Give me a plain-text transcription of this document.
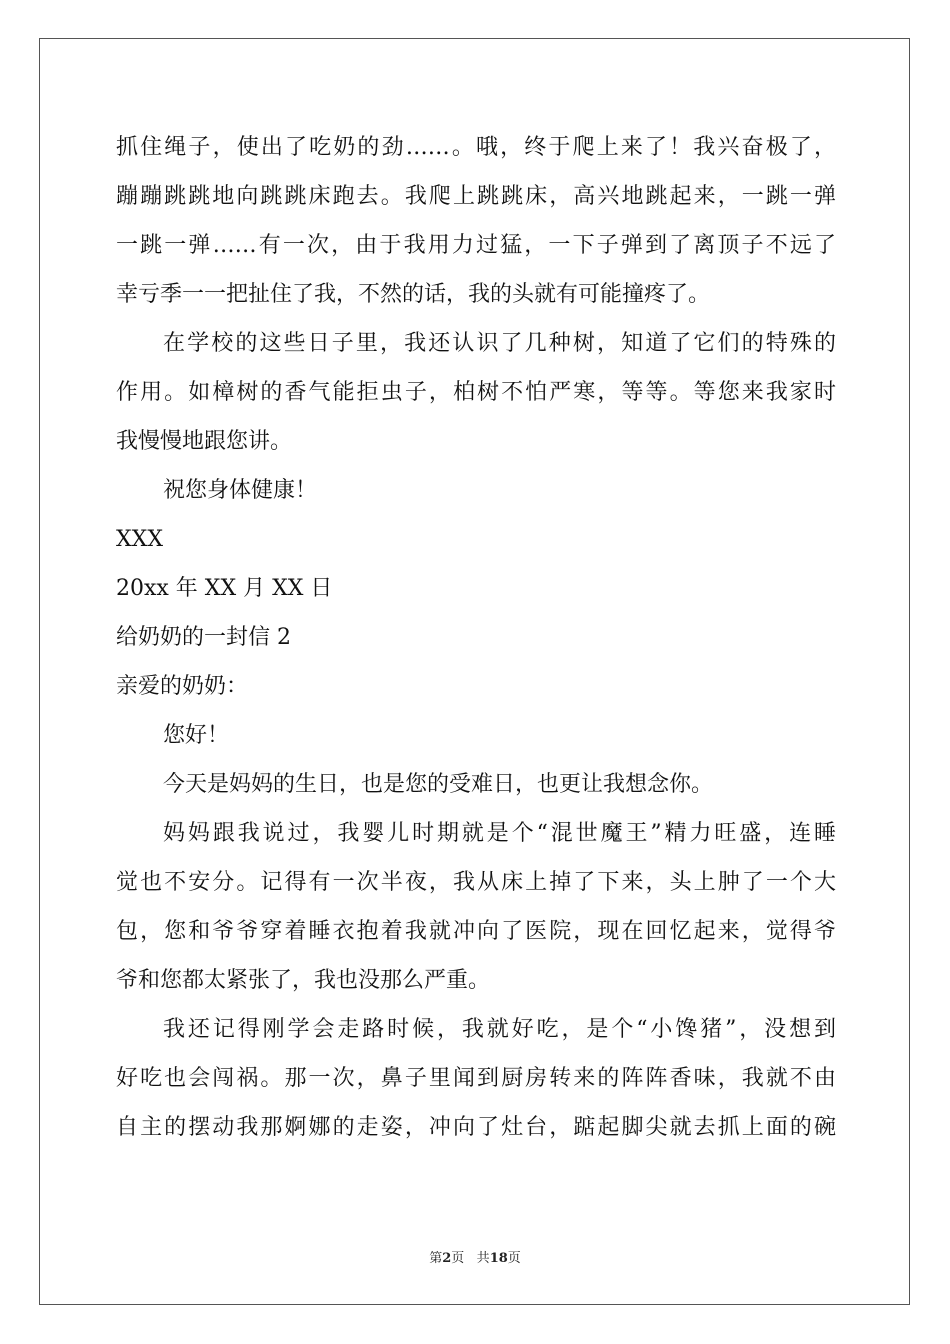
抓住绳子，使出了吃奶的劲……。哦，终于爬上来了！我兴奋极了，
蹦蹦跳跳地向跳跳床跑去。我爬上跳跳床，高兴地跳起来，一跳一弹
一跳一弹……有一次，由于我用力过猛，一下子弹到了离顶子不远了
幸亏季一一把扯住了我，不然的话，我的头就有可能撞疼了。
在学校的这些日子里，我还认识了几种树，知道了它们的特殊的
作用。如樟树的香气能拒虫子，柏树不怕严寒，等等。等您来我家时
我慢慢地跟您讲。
祝您身体健康！
XXX
20xx 年 XX 月 XX 日
给奶奶的一封信 2
亲爱的奶奶：
您好！
今天是妈妈的生日，也是您的受难日，也更让我想念你。
妈妈跟我说过，我婴儿时期就是个“混世魔王”精力旺盛，连睡
觉也不安分。记得有一次半夜，我从床上掉了下来，头上肿了一个大
包，您和爷爷穿着睡衣抱着我就冲向了医院，现在回忆起来，觉得爷
爷和您都太紧张了，我也没那么严重。
我还记得刚学会走路时候，我就好吃，是个“小馋猪”，没想到
好吃也会闯祸。那一次，鼻子里闻到厨房转来的阵阵香味，我就不由
自主的摆动我那婀娜的走姿，冲向了灶台，踮起脚尖就去抓上面的碗
第2页 共18页
